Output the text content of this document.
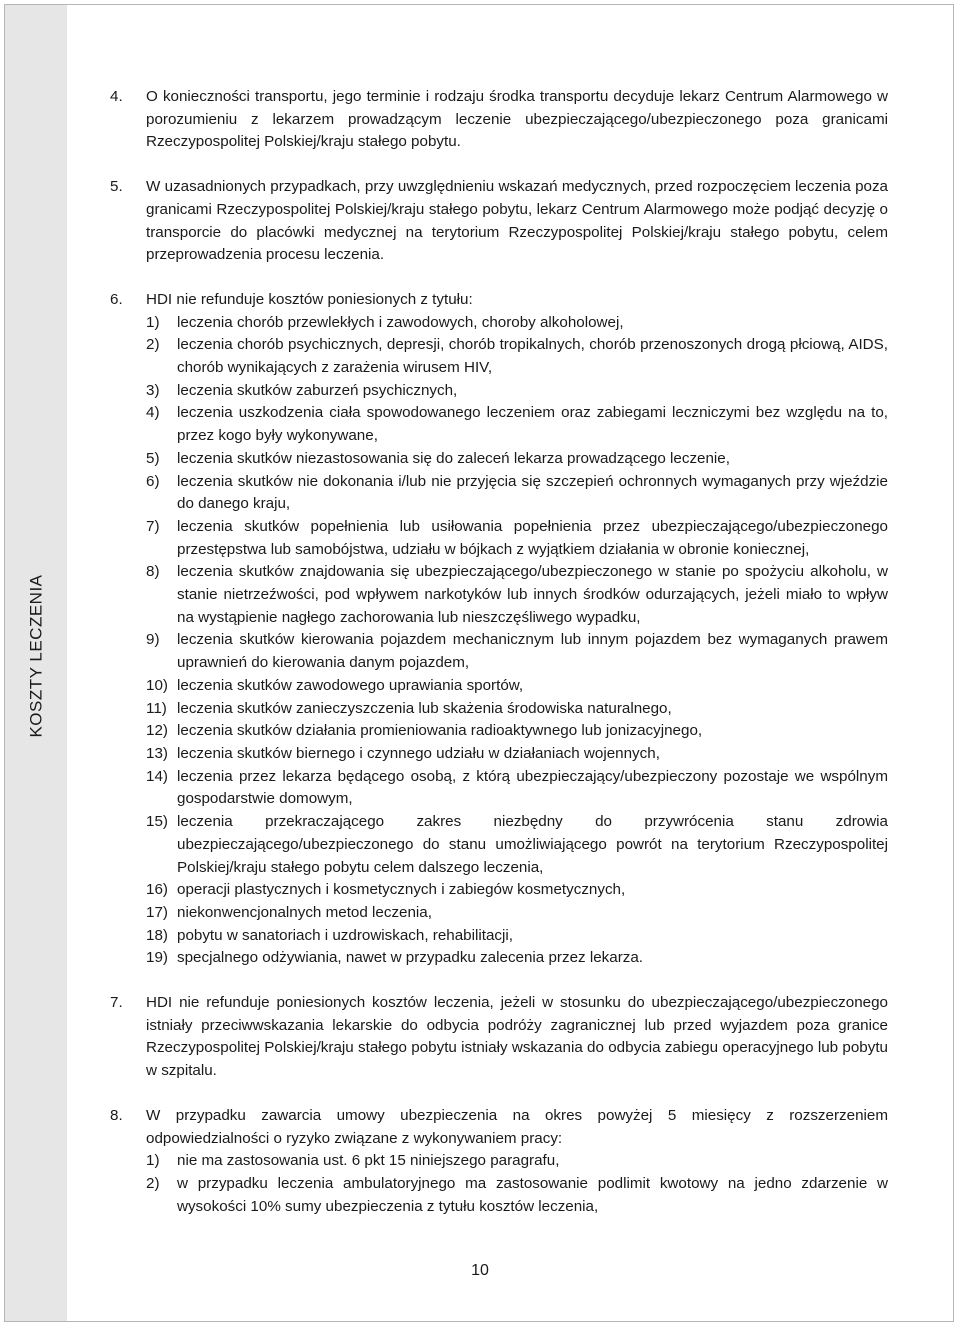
KOSZTY LECZENIA
4. O konieczności transportu, jego terminie i rodzaju środka transportu decyduje lekarz Centrum Alarmowego w porozumieniu z lekarzem prowadzącym leczenie ubezpieczającego/ubezpieczonego poza granicami Rzeczypospolitej Polskiej/kraju stałego pobytu.
5. W uzasadnionych przypadkach, przy uwzględnieniu wskazań medycznych, przed rozpoczęciem leczenia poza granicami Rzeczypospolitej Polskiej/kraju stałego pobytu, lekarz Centrum Alarmowego może podjąć decyzję o transporcie do placówki medycznej na terytorium Rzeczypospolitej Polskiej/kraju stałego pobytu, celem przeprowadzenia procesu leczenia.
6. HDI nie refunduje kosztów poniesionych z tytułu:
1) leczenia chorób przewlekłych i zawodowych, choroby alkoholowej,
2) leczenia chorób psychicznych, depresji, chorób tropikalnych, chorób przenoszonych drogą płciową, AIDS, chorób wynikających z zarażenia wirusem HIV,
3) leczenia skutków zaburzeń psychicznych,
4) leczenia uszkodzenia ciała spowodowanego leczeniem oraz zabiegami leczniczymi bez względu na to, przez kogo były wykonywane,
5) leczenia skutków niezastosowania się do zaleceń lekarza prowadzącego leczenie,
6) leczenia skutków nie dokonania i/lub nie przyjęcia się szczepień ochronnych wymaganych przy wjeździe do danego kraju,
7) leczenia skutków popełnienia lub usiłowania popełnienia przez ubezpieczającego/ubezpieczonego przestępstwa lub samobójstwa, udziału w bójkach z wyjątkiem działania w obronie koniecznej,
8) leczenia skutków znajdowania się ubezpieczającego/ubezpieczonego w stanie po spożyciu alkoholu, w stanie nietrzeźwości, pod wpływem narkotyków lub innych środków odurzających, jeżeli miało to wpływ na wystąpienie nagłego zachorowania lub nieszczęśliwego wypadku,
9) leczenia skutków kierowania pojazdem mechanicznym lub innym pojazdem bez wymaganych prawem uprawnień do kierowania danym pojazdem,
10) leczenia skutków zawodowego uprawiania sportów,
11) leczenia skutków zanieczyszczenia lub skażenia środowiska naturalnego,
12) leczenia skutków działania promieniowania radioaktywnego lub jonizacyjnego,
13) leczenia skutków biernego i czynnego udziału w działaniach wojennych,
14) leczenia przez lekarza będącego osobą, z którą ubezpieczający/ubezpieczony pozostaje we wspólnym gospodarstwie domowym,
15) leczenia przekraczającego zakres niezbędny do przywrócenia stanu zdrowia ubezpieczającego/ubezpieczonego do stanu umożliwiającego powrót na terytorium Rzeczypospolitej Polskiej/kraju stałego pobytu celem dalszego leczenia,
16) operacji plastycznych i kosmetycznych i zabiegów kosmetycznych,
17) niekonwencjonalnych metod leczenia,
18) pobytu w sanatoriach i uzdrowiskach, rehabilitacji,
19) specjalnego odżywiania, nawet w przypadku zalecenia przez lekarza.
7. HDI nie refunduje poniesionych kosztów leczenia, jeżeli w stosunku do ubezpieczającego/ubezpieczonego istniały przeciwwskazania lekarskie do odbycia podróży zagranicznej lub przed wyjazdem poza granice Rzeczypospolitej Polskiej/kraju stałego pobytu istniały wskazania do odbycia zabiegu operacyjnego lub pobytu w szpitalu.
8. W przypadku zawarcia umowy ubezpieczenia na okres powyżej 5 miesięcy z rozszerzeniem odpowiedzialności o ryzyko związane z wykonywaniem pracy:
1) nie ma zastosowania ust. 6 pkt 15 niniejszego paragrafu,
2) w przypadku leczenia ambulatoryjnego ma zastosowanie podlimit kwotowy na jedno zdarzenie w wysokości 10% sumy ubezpieczenia z tytułu kosztów leczenia,
10
